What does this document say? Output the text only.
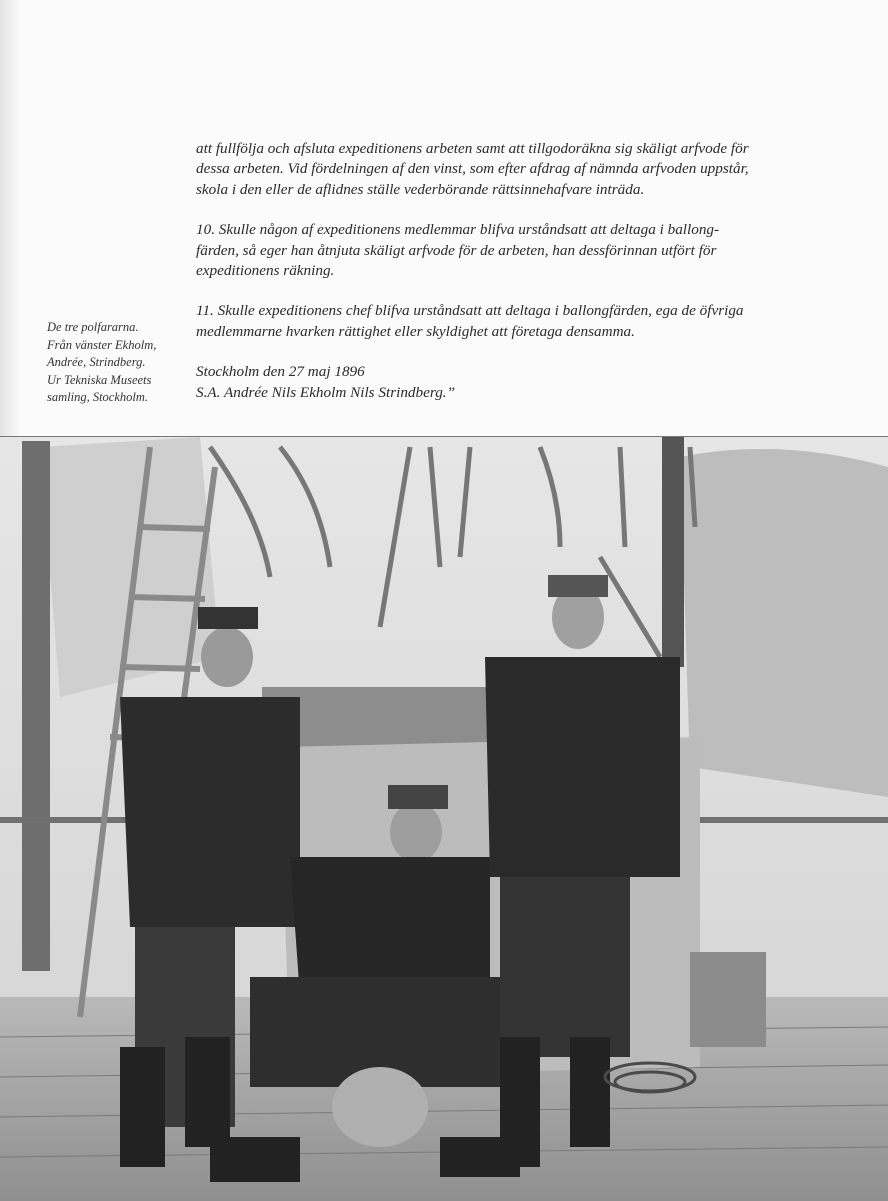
att fullfölja och afsluta expeditionens arbeten samt att tillgodoräkna sig skäligt arfvode för
dessa arbeten. Vid fördelningen af den vinst, som efter afdrag af nämnda arfvoden uppstår,
skola i den eller de aflidnes ställe vederbörande rättsinnehafvare inträda.

10. Skulle någon af expeditionens medlemmar blifva urståndsatt att deltaga i ballong-
färden, så eger han åtnjuta skäligt arfvode för de arbeten, han dessförinnan utfört för
expeditionens räkning.

11. Skulle expeditionens chef blifva urståndsatt att deltaga i ballongfärden, ega de öfvriga
medlemmarne hvarken rättighet eller skyldighet att företaga densamma.

Stockholm den 27 maj 1896
S.A. Andrée Nils Ekholm Nils Strindberg.”

De tre polfararna.
Från vänster Ekholm,
Andrée, Strindberg.
Ur Tekniska Museets
samling, Stockholm.
